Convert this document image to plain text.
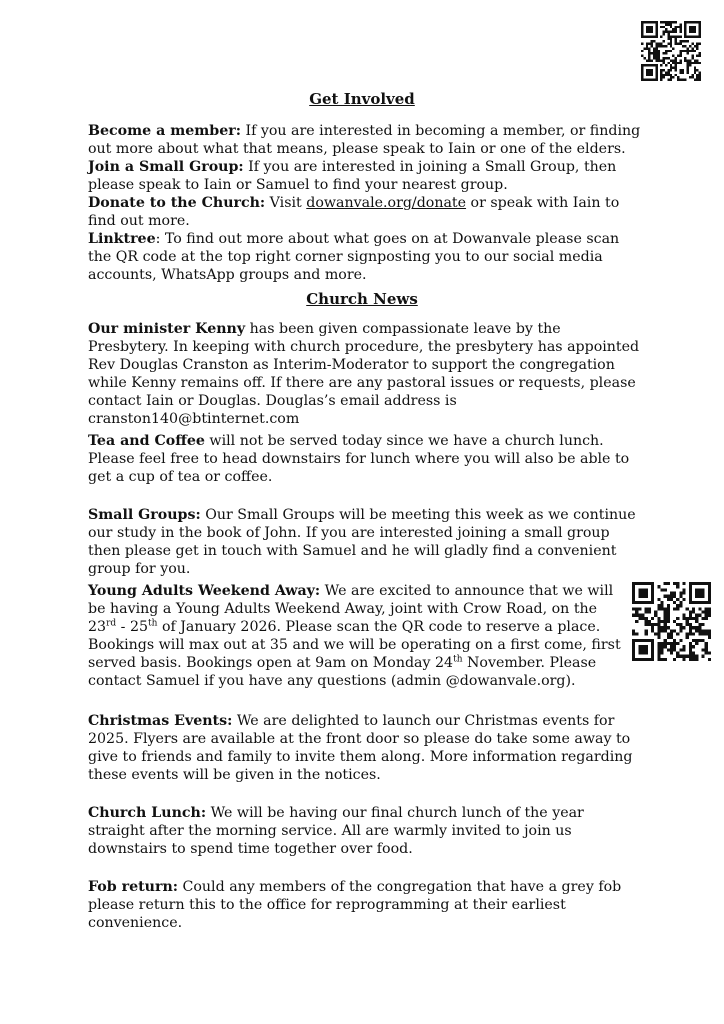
Get Involved

Become a member: If you are interested in becoming a member, or finding out more about what that means, please speak to Iain or one of the elders.

Join a Small Group: If you are interested in joining a Small Group, then please speak to Iain or Samuel to find your nearest group.

Donate to the Church: Visit dowanvale.org/donate or speak with Iain to find out more.

Linktree: To find out more about what goes on at Dowanvale please scan the QR code at the top right corner signposting you to our social media accounts, WhatsApp groups and more.

Church News

Our minister Kenny has been given compassionate leave by the Presbytery. In keeping with church procedure, the presbytery has appointed Rev Douglas Cranston as Interim-Moderator to support the congregation while Kenny remains off. If there are any pastoral issues or requests, please contact Iain or Douglas. Douglas’s email address is cranston140@btinternet.com

Tea and Coffee will not be served today since we have a church lunch. Please feel free to head downstairs for lunch where you will also be able to get a cup of tea or coffee.

Small Groups: Our Small Groups will be meeting this week as we continue our study in the book of John. If you are interested joining a small group then please get in touch with Samuel and he will gladly find a convenient group for you.

Young Adults Weekend Away: We are excited to announce that we will be having a Young Adults Weekend Away, joint with Crow Road, on the 23rd - 25th of January 2026. Please scan the QR code to reserve a place. Bookings will max out at 35 and we will be operating on a first come, first served basis. Bookings open at 9am on Monday 24th November. Please contact Samuel if you have any questions (admin @dowanvale.org).

Christmas Events: We are delighted to launch our Christmas events for 2025. Flyers are available at the front door so please do take some away to give to friends and family to invite them along. More information regarding these events will be given in the notices.

Church Lunch: We will be having our final church lunch of the year straight after the morning service. All are warmly invited to join us downstairs to spend time together over food.

Fob return: Could any members of the congregation that have a grey fob please return this to the office for reprogramming at their earliest convenience.
